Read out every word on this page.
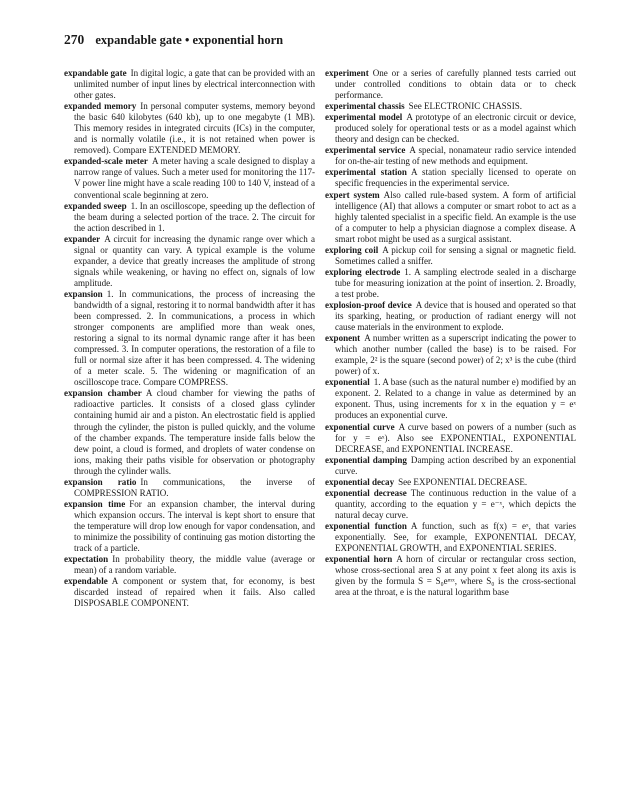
270 expandable gate • exponential horn

expandable gate In digital logic, a gate that can be provided with an unlimited number of input lines by electrical interconnection with other gates.

expanded memory In personal computer systems, memory beyond the basic 640 kilobytes (640 kb), up to one megabyte (1 MB). This memory resides in integrated circuits (ICs) in the computer, and is normally volatile (i.e., it is not retained when power is removed). Compare EXTENDED MEMORY.

expanded-scale meter A meter having a scale designed to display a narrow range of values. Such a meter used for monitoring the 117-V power line might have a scale reading 100 to 140 V, instead of a conventional scale beginning at zero.

expanded sweep 1. In an oscilloscope, speeding up the deflection of the beam during a selected portion of the trace. 2. The circuit for the action described in 1.

expander A circuit for increasing the dynamic range over which a signal or quantity can vary. A typical example is the volume expander, a device that greatly increases the amplitude of strong signals while weakening, or having no effect on, signals of low amplitude.

expansion 1. In communications, the process of increasing the bandwidth of a signal, restoring it to normal bandwidth after it has been compressed. 2. In communications, a process in which stronger components are amplified more than weak ones, restoring a signal to its normal dynamic range after it has been compressed. 3. In computer operations, the restoration of a file to full or normal size after it has been compressed. 4. The widening of a meter scale. 5. The widening or magnification of an oscilloscope trace. Compare COMPRESS.

expansion chamber A cloud chamber for viewing the paths of radioactive particles. It consists of a closed glass cylinder containing humid air and a piston. An electrostatic field is applied through the cylinder, the piston is pulled quickly, and the volume of the chamber expands. The temperature inside falls below the dew point, a cloud is formed, and droplets of water condense on ions, making their paths visible for observation or photography through the cylinder walls.

expansion ratio In communications, the inverse of COMPRESSION RATIO.

expansion time For an expansion chamber, the interval during which expansion occurs. The interval is kept short to ensure that the temperature will drop low enough for vapor condensation, and to minimize the possibility of continuing gas motion distorting the track of a particle.

expectation In probability theory, the middle value (average or mean) of a random variable.

expendable A component or system that, for economy, is best discarded instead of repaired when it fails. Also called DISPOSABLE COMPONENT.

experiment One or a series of carefully planned tests carried out under controlled conditions to obtain data or to check performance.

experimental chassis See ELECTRONIC CHASSIS.

experimental model A prototype of an electronic circuit or device, produced solely for operational tests or as a model against which theory and design can be checked.

experimental service A special, nonamateur radio service intended for on-the-air testing of new methods and equipment.

experimental station A station specially licensed to operate on specific frequencies in the experimental service.

expert system Also called rule-based system. A form of artificial intelligence (AI) that allows a computer or smart robot to act as a highly talented specialist in a specific field. An example is the use of a computer to help a physician diagnose a complex disease. A smart robot might be used as a surgical assistant.

exploring coil A pickup coil for sensing a signal or magnetic field. Sometimes called a sniffer.

exploring electrode 1. A sampling electrode sealed in a discharge tube for measuring ionization at the point of insertion. 2. Broadly, a test probe.

explosion-proof device A device that is housed and operated so that its sparking, heating, or production of radiant energy will not cause materials in the environment to explode.

exponent A number written as a superscript indicating the power to which another number (called the base) is to be raised. For example, 2² is the square (second power) of 2; x³ is the cube (third power) of x.

exponential 1. A base (such as the natural number e) modified by an exponent. 2. Related to a change in value as determined by an exponent. Thus, using increments for x in the equation y = eˣ produces an exponential curve.

exponential curve A curve based on powers of a number (such as for y = eˣ). Also see EXPONENTIAL, EXPONENTIAL DECREASE, and EXPONENTIAL INCREASE.

exponential damping Damping action described by an exponential curve.

exponential decay See EXPONENTIAL DECREASE.

exponential decrease The continuous reduction in the value of a quantity, according to the equation y = e⁻ˣ, which depicts the natural decay curve.

exponential function A function, such as f(x) = eˣ, that varies exponentially. See, for example, EXPONENTIAL DECAY, EXPONENTIAL GROWTH, and EXPONENTIAL SERIES.

exponential horn A horn of circular or rectangular cross section, whose cross-sectional area S at any point x feet along its axis is given by the formula S = S₀eᵐˣ, where S₀ is the cross-sectional area at the throat, e is the natural logarithm base
